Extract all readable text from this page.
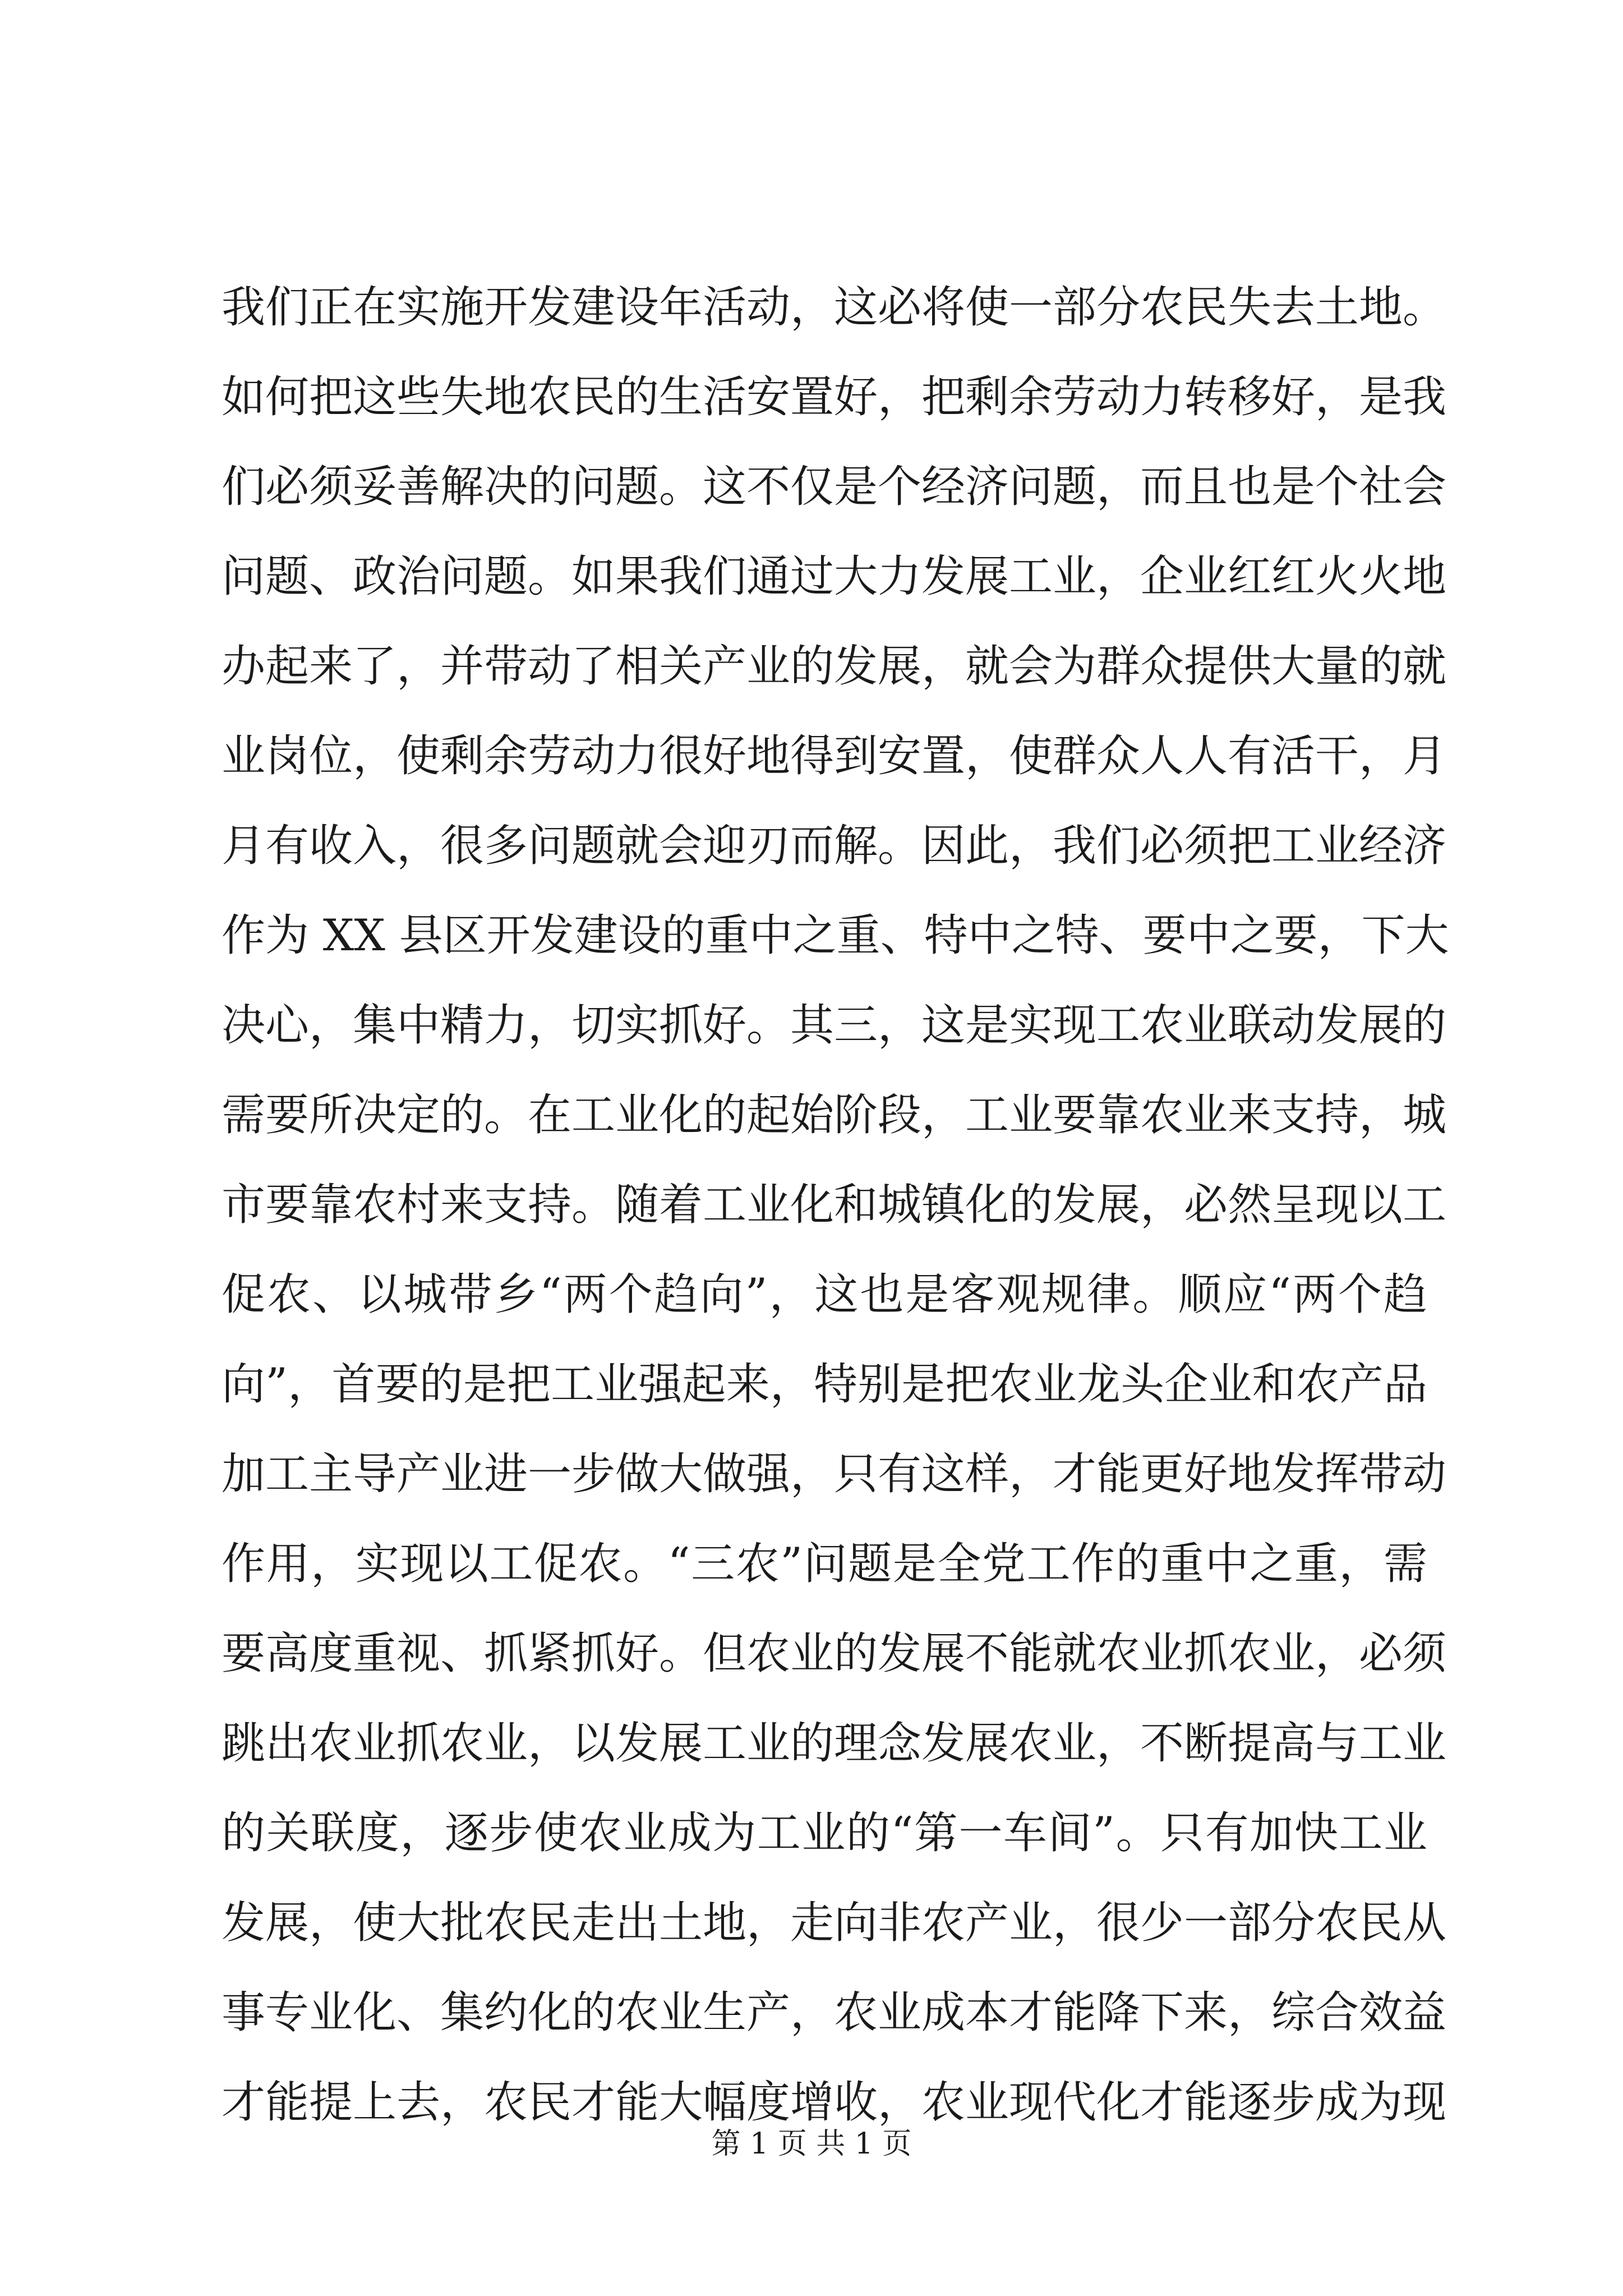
我们正在实施开发建设年活动，这必将使一部分农民失去土地。
如何把这些失地农民的生活安置好，把剩余劳动力转移好，是我
们必须妥善解决的问题。这不仅是个经济问题，而且也是个社会
问题、政治问题。如果我们通过大力发展工业，企业红红火火地
办起来了，并带动了相关产业的发展，就会为群众提供大量的就
业岗位，使剩余劳动力很好地得到安置，使群众人人有活干，月
月有收入，很多问题就会迎刃而解。因此，我们必须把工业经济
作为 XX 县区开发建设的重中之重、特中之特、要中之要，下大
决心，集中精力，切实抓好。其三，这是实现工农业联动发展的
需要所决定的。在工业化的起始阶段，工业要靠农业来支持，城
市要靠农村来支持。随着工业化和城镇化的发展，必然呈现以工
促农、以城带乡“两个趋向”，这也是客观规律。顺应“两个趋
向”，首要的是把工业强起来，特别是把农业龙头企业和农产品
加工主导产业进一步做大做强，只有这样，才能更好地发挥带动
作用，实现以工促农。“三农”问题是全党工作的重中之重，需
要高度重视、抓紧抓好。但农业的发展不能就农业抓农业，必须
跳出农业抓农业，以发展工业的理念发展农业，不断提高与工业
的关联度，逐步使农业成为工业的“第一车间”。只有加快工业
发展，使大批农民走出土地，走向非农产业，很少一部分农民从
事专业化、集约化的农业生产，农业成本才能降下来，综合效益
才能提上去，农民才能大幅度增收，农业现代化才能逐步成为现
第 1 页 共 1 页
